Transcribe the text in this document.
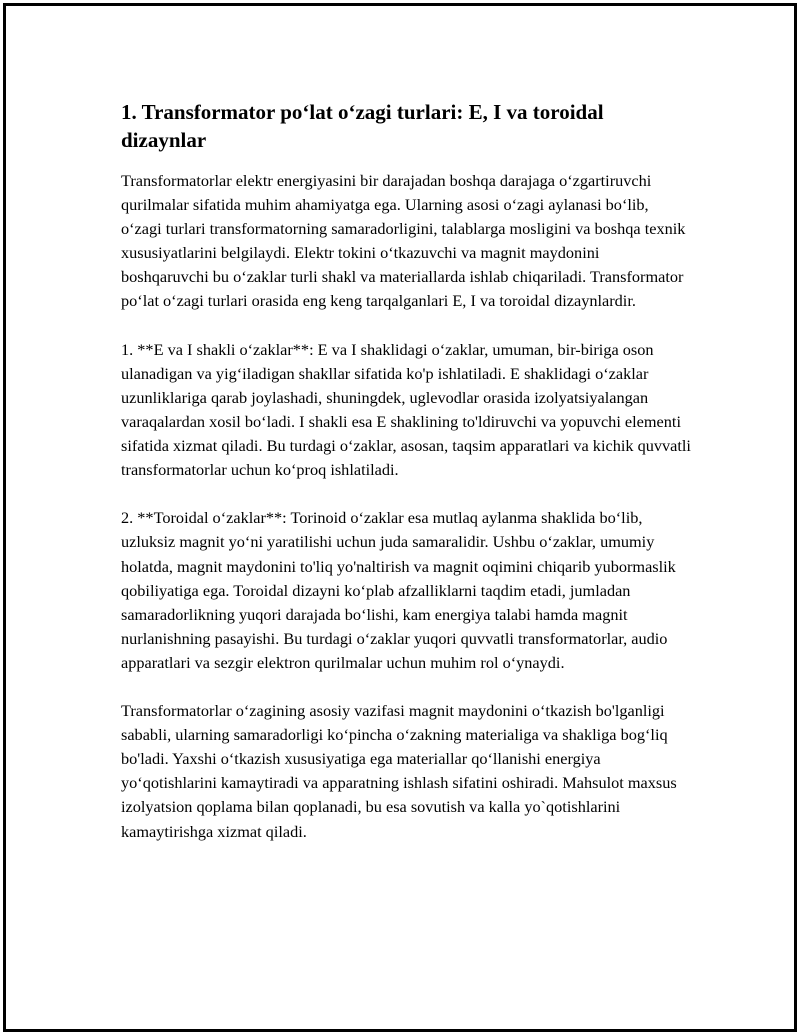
1. Transformator po‘lat o‘zagi turlari: E, I va toroidal dizaynlar

Transformatorlar elektr energiyasini bir darajadan boshqa darajaga o‘zgartiruvchi qurilmalar sifatida muhim ahamiyatga ega. Ularning asosi o‘zagi aylanasi bo‘lib, o‘zagi turlari transformatorning samaradorligini, talablarga mosligini va boshqa texnik xususiyatlarini belgilaydi. Elektr tokini o‘tkazuvchi va magnit maydonini boshqaruvchi bu o‘zaklar turli shakl va materiallarda ishlab chiqariladi. Transformator po‘lat o‘zagi turlari orasida eng keng tarqalganlari E, I va toroidal dizaynlardir.

1. **E va I shakli o‘zaklar**: E va I shaklidagi o‘zaklar, umuman, bir-biriga oson ulanadigan va yig‘iladigan shakllar sifatida ko'p ishlatiladi. E shaklidagi o‘zaklar uzunliklariga qarab joylashadi, shuningdek, uglevodlar orasida izolyatsiyalangan varaqalardan xosil bo‘ladi. I shakli esa E shaklining to'ldiruvchi va yopuvchi elementi sifatida xizmat qiladi. Bu turdagi o‘zaklar, asosan, taqsim apparatlari va kichik quvvatli transformatorlar uchun ko‘proq ishlatiladi.

2. **Toroidal o‘zaklar**: Torinoid o‘zaklar esa mutlaq aylanma shaklida bo‘lib, uzluksiz magnit yo‘ni yaratilishi uchun juda samaralidir. Ushbu o‘zaklar, umumiy holatda, magnit maydonini to'liq yo'naltirish va magnit oqimini chiqarib yubormaslik qobiliyatiga ega. Toroidal dizayni ko‘plab afzalliklarni taqdim etadi, jumladan samaradorlikning yuqori darajada bo‘lishi, kam energiya talabi hamda magnit nurlanishning pasayishi. Bu turdagi o‘zaklar yuqori quvvatli transformatorlar, audio apparatlari va sezgir elektron qurilmalar uchun muhim rol o‘ynaydi.

Transformatorlar o‘zagining asosiy vazifasi magnit maydonini o‘tkazish bo'lganligi sababli, ularning samaradorligi ko‘pincha o‘zakning materialiga va shakliga bog‘liq bo'ladi. Yaxshi o‘tkazish xususiyatiga ega materiallar qo‘llanishi energiya yo‘qotishlarini kamaytiradi va apparatning ishlash sifatini oshiradi. Mahsulot maxsus izolyatsion qoplama bilan qoplanadi, bu esa sovutish va kalla yo`qotishlarini kamaytirishga xizmat qiladi.
